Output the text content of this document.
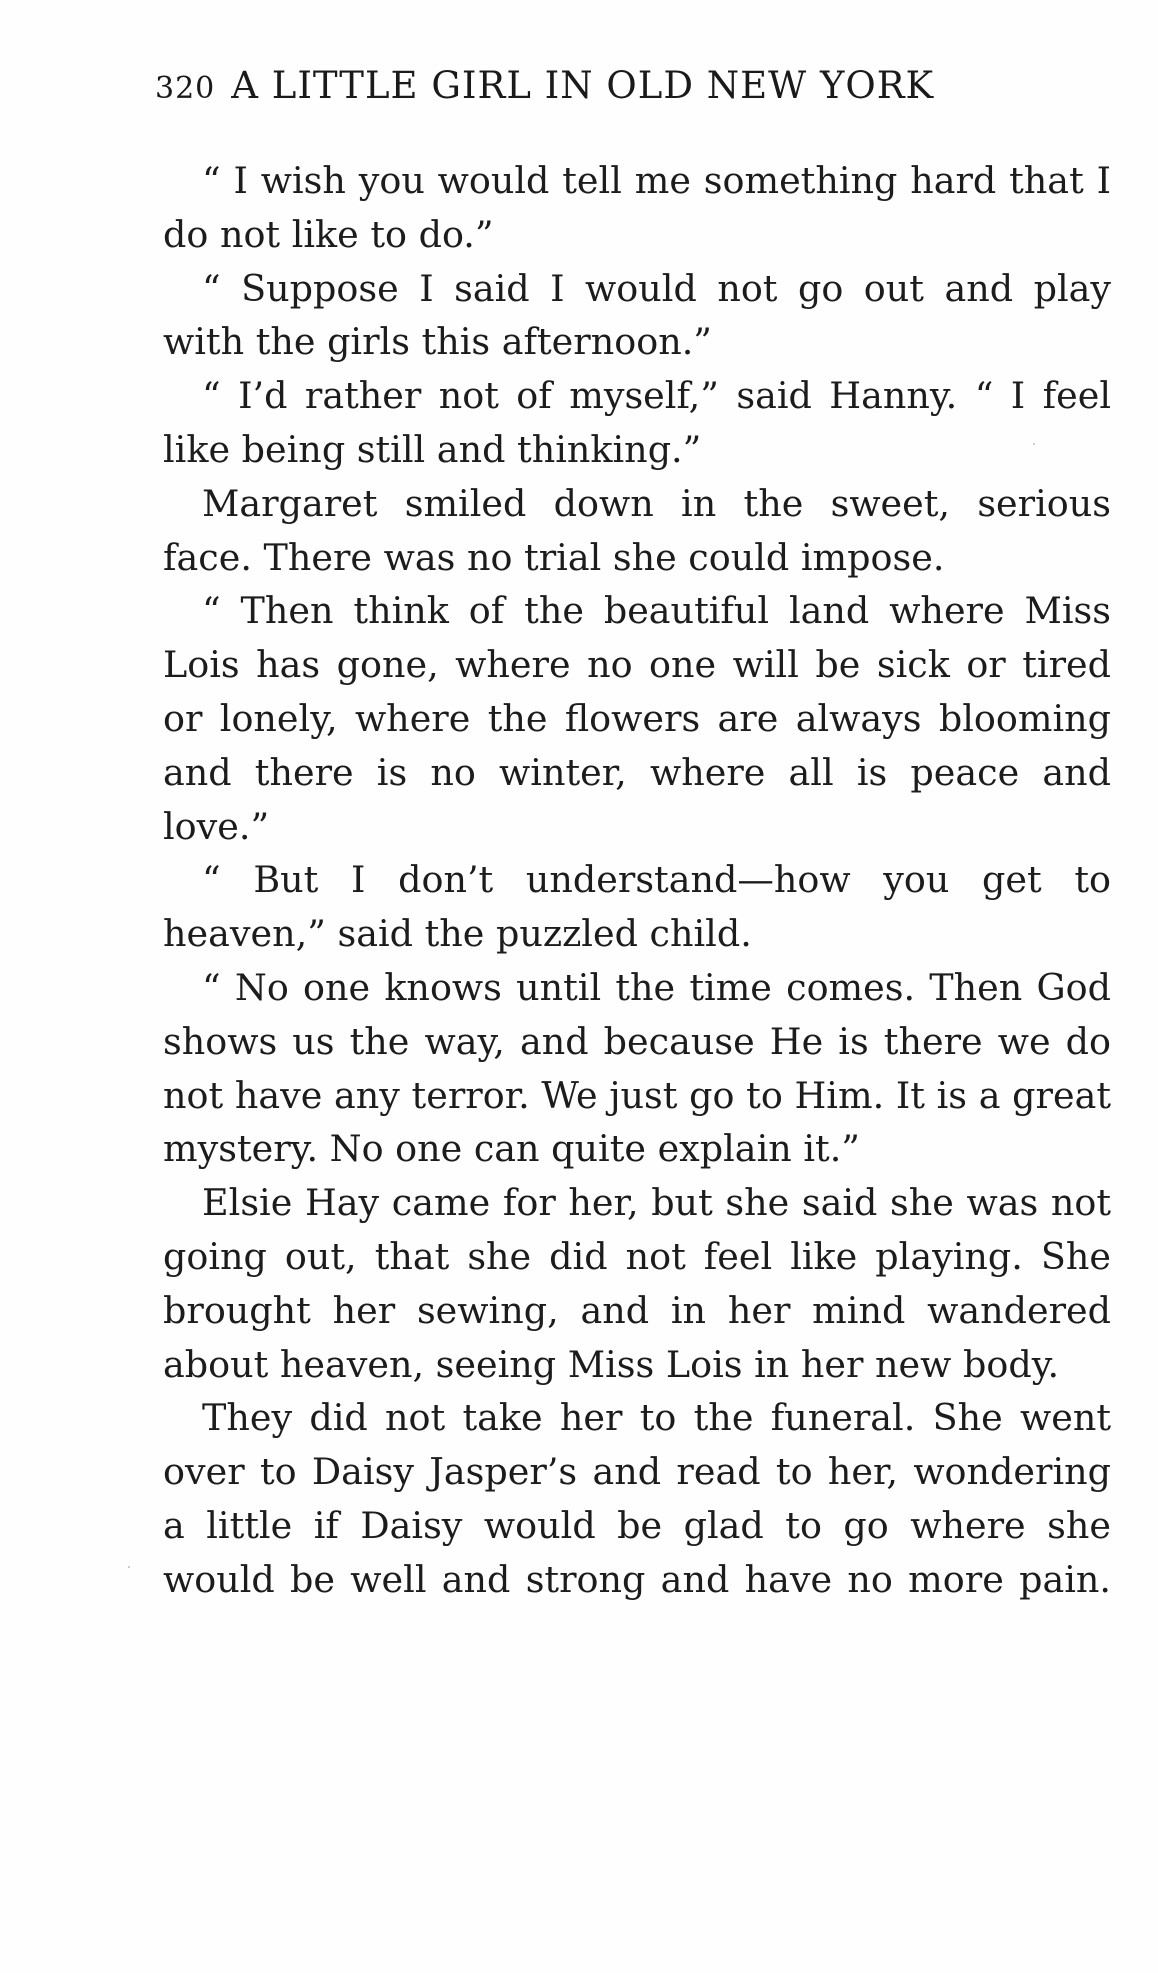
320 A LITTLE GIRL IN OLD NEW YORK

“ I wish you would tell me something hard that I do not like to do.”

“ Suppose I said I would not go out and play with the girls this afternoon.”

“ I’d rather not of myself,” said Hanny. “ I feel like being still and thinking.”

Margaret smiled down in the sweet, serious face. There was no trial she could impose.

“ Then think of the beautiful land where Miss Lois has gone, where no one will be sick or tired or lonely, where the flowers are always blooming and there is no winter, where all is peace and love.”

“ But I don’t understand—how you get to heaven,” said the puzzled child.

“ No one knows until the time comes. Then God shows us the way, and because He is there we do not have any terror. We just go to Him. It is a great mystery. No one can quite explain it.”

Elsie Hay came for her, but she said she was not going out, that she did not feel like playing. She brought her sewing, and in her mind wandered about heaven, seeing Miss Lois in her new body.

They did not take her to the funeral. She went over to Daisy Jasper’s and read to her, wondering a little if Daisy would be glad to go where she would be well and strong and have no more pain.
